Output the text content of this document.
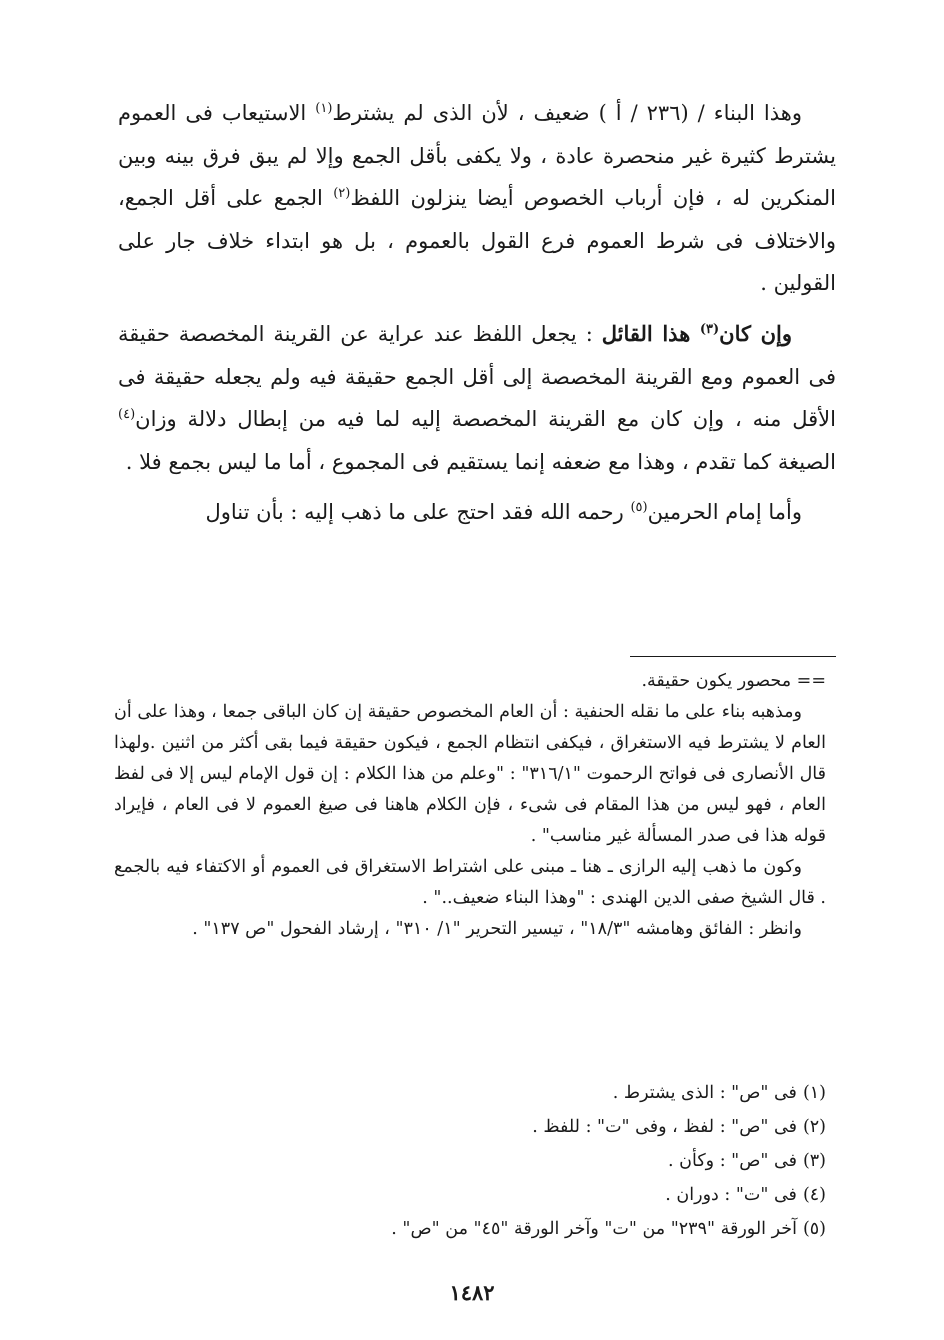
وهذا البناء / (٢٣٦ / أ ) ضعيف ، لأن الذى لم يشترط$^{(١)}$ الاستيعاب فى العموم يشترط كثيرة غير منحصرة عادة ، ولا يكفى بأقل الجمع وإلا لم يبق فرق بينه وبين المنكرين له ، فإن أرباب الخصوص أيضا ينزلون اللفظ$^{(٢)}$ الجمع على أقل الجمع، والاختلاف فى شرط العموم فرع القول بالعموم ، بل هو ابتداء خلاف جار على القولين .

وإن كان$^{(٣)}$ هذا القائل : يجعل اللفظ عند عراية عن القرينة المخصصة حقيقة فى العموم ومع القرينة المخصصة إلى أقل الجمع حقيقة فيه ولم يجعله حقيقة فى الأقل منه ، وإن كان مع القرينة المخصصة إليه لما فيه من إبطال دلالة وزان$^{(٤)}$ الصيغة كما تقدم ، وهذا مع ضعفه إنما يستقيم فى المجموع ، أما ما ليس بجمع فلا .

وأما إمام الحرمين$^{(٥)}$ رحمه الله فقد احتج على ما ذهب إليه : بأن تناول

== محصور يكون حقيقة.

ومذهبه بناء على ما نقله الحنفية : أن العام المخصوص حقيقة إن كان الباقى جمعا ، وهذا على أن العام لا يشترط فيه الاستغراق ، فيكفى انتظام الجمع ، فيكون حقيقة فيما بقى أكثر من اثنين .ولهذا قال الأنصارى فى فواتح الرحموت "٣١٦/١" : "وعلم من هذا الكلام : إن قول الإمام ليس إلا فى لفظ العام ، فهو ليس من هذا المقام فى شىء ، فإن الكلام هاهنا فى صيغ العموم لا فى العام ، فإيراد قوله هذا فى صدر المسألة غير مناسب" .

وكون ما ذهب إليه الرازى ـ هنا ـ مبنى على اشتراط الاستغراق فى العموم أو الاكتفاء فيه بالجمع . قال الشيخ صفى الدين الهندى : "وهذا البناء ضعيف.." .

وانظر : الفائق وهامشه "١٨/٣" ، تيسير التحرير "١/ ٣١٠" ، إرشاد الفحول "ص ١٣٧" .

(١)فى "ص" : الذى يشترط .
(٢)فى "ص" : لفظ ، وفى "ت" : للفظ .
(٣)فى "ص" : وكأن .
(٤)فى "ت" : دوران .
(٥)آخر الورقة "٢٣٩" من "ت" وآخر الورقة "٤٥" من "ص" .
١٤٨٢
